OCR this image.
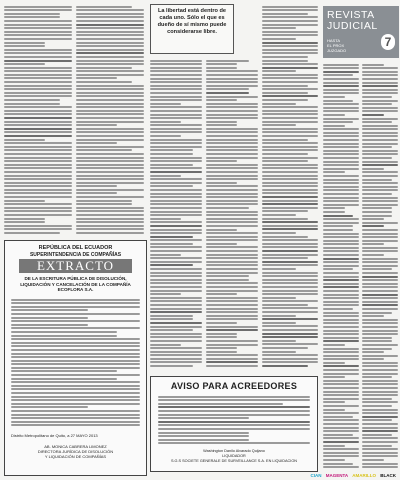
La libertad está dentro de cada uno. Sólo el que es dueño de sí mismo puede considerarse libre.
REVISTA
JUDICIAL
HASTA
EL PROX
JUZGADO
7
REPÚBLICA DEL ECUADOR
SUPERINTENDENCIA DE COMPAÑÍAS
EXTRACTO
DE LA ESCRITURA PÚBLICA DE DISOLUCIÓN, LIQUIDACIÓN Y CANCELACIÓN DE LA COMPAÑÍA ECOFLORA S.A.
Distrito Metropolitano de Quito, a 27 MAYO 2013
AB. MONICA CABRERA LIMONEZ
DIRECTORA JURÍDICA DE DISOLUCIÓN
Y LIQUIDACIÓN DE COMPAÑÍAS
AVISO PARA ACREEDORES
Washington Danilo Alvarado Quijano
LIQUIDADOR
S.G.S SOCIETE GENERALE DE SURVEILLANCE S.A. EN LIQUIDACION
CIAN MAGENTA AMARILLO BLACK
